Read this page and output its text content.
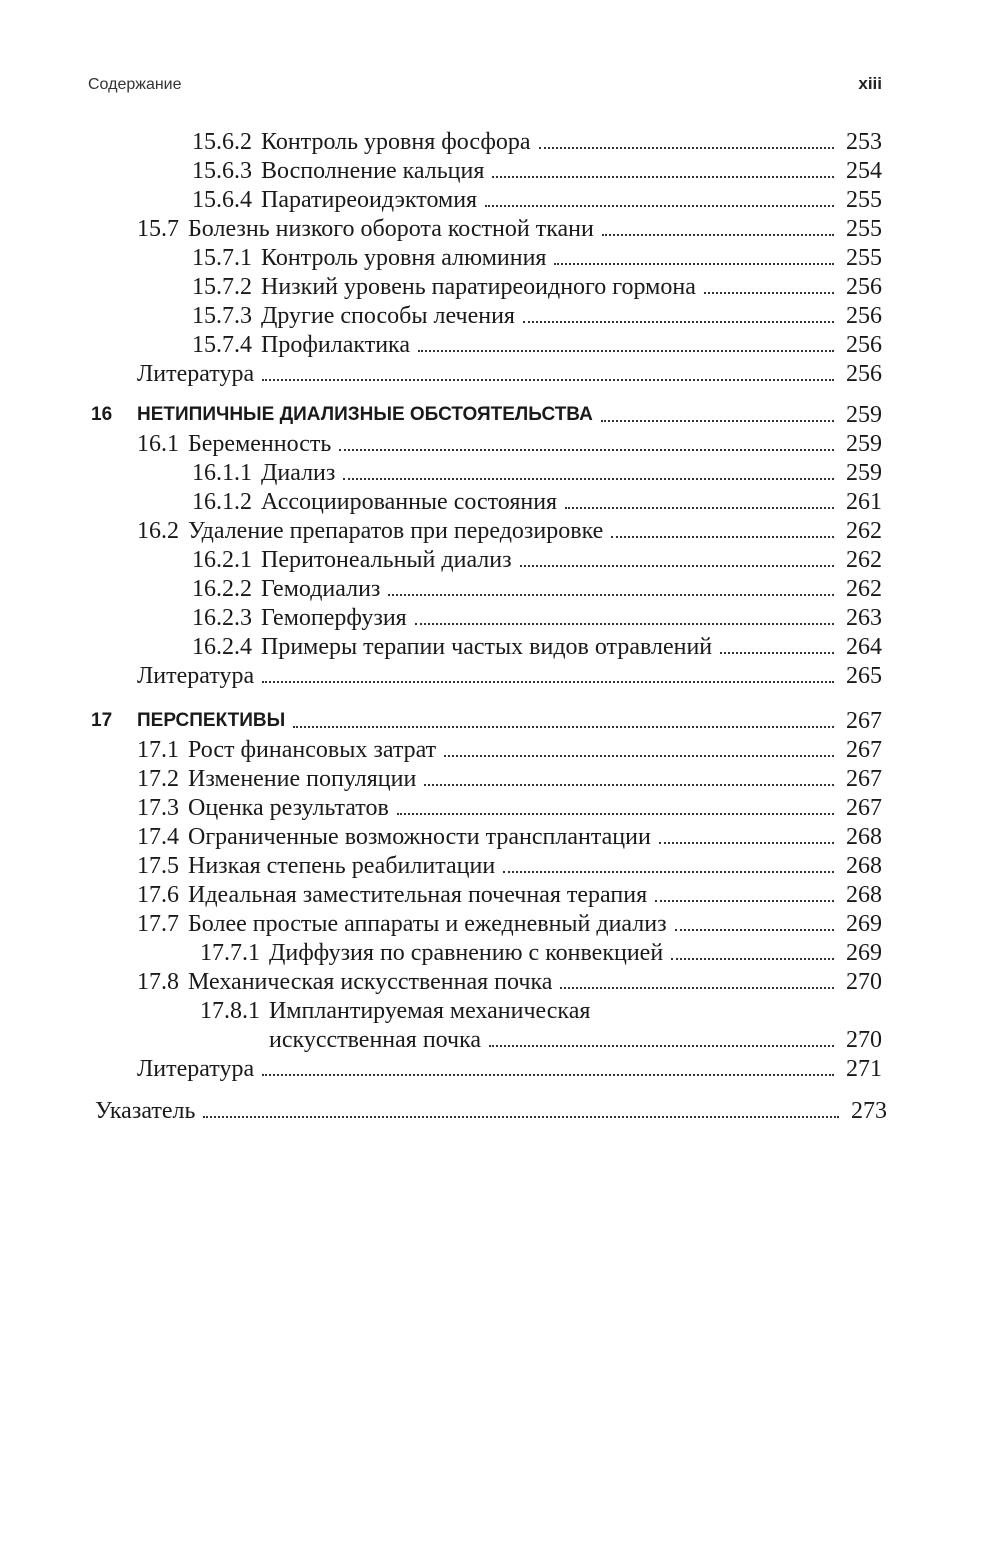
Содержание	xiii
15.6.2 Контроль уровня фосфора	253
15.6.3 Восполнение кальция	254
15.6.4 Паратиреоидэктомия	255
15.7 Болезнь низкого оборота костной ткани	255
15.7.1 Контроль уровня алюминия	255
15.7.2 Низкий уровень паратиреоидного гормона	256
15.7.3 Другие способы лечения	256
15.7.4 Профилактика	256
Литература	256
16 НЕТИПИЧНЫЕ ДИАЛИЗНЫЕ ОБСТОЯТЕЛЬСТВА	259
16.1 Беременность	259
16.1.1 Диализ	259
16.1.2 Ассоциированные состояния	261
16.2 Удаление препаратов при передозировке	262
16.2.1 Перитонеальный диализ	262
16.2.2 Гемодиализ	262
16.2.3 Гемоперфузия	263
16.2.4 Примеры терапии частых видов отравлений	264
Литература	265
17 ПЕРСПЕКТИВЫ	267
17.1 Рост финансовых затрат	267
17.2 Изменение популяции	267
17.3 Оценка результатов	267
17.4 Ограниченные возможности трансплантации	268
17.5 Низкая степень реабилитации	268
17.6 Идеальная заместительная почечная терапия	268
17.7 Более простые аппараты и ежедневный диализ	269
17.7.1 Диффузия по сравнению с конвекцией	269
17.8 Механическая искусственная почка	270
17.8.1 Имплантируемая механическая
искусственная почка	270
Литература	271
Указатель	273
